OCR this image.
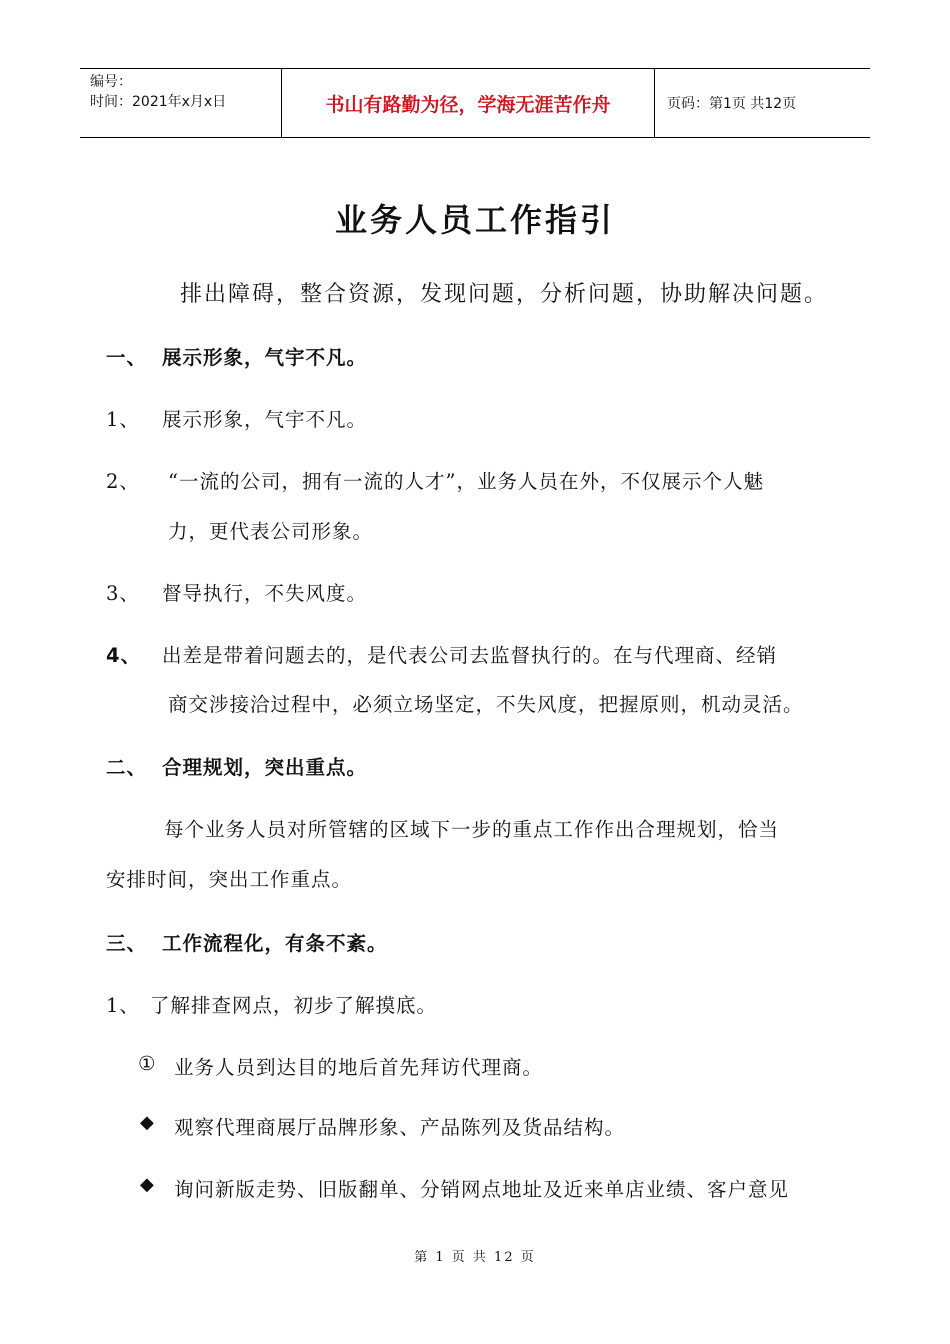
编号：
时间：2021年x月x日	书山有路勤为径，学海无涯苦作舟	页码：第1页 共12页
业务人员工作指引
排出障碍，整合资源，发现问题，分析问题，协助解决问题。
一、 展示形象，气宇不凡。
1、 展示形象，气宇不凡。
2、 “一流的公司，拥有一流的人才”，业务人员在外，不仅展示个人魅
力，更代表公司形象。
3、 督导执行，不失风度。
4、 出差是带着问题去的，是代表公司去监督执行的。在与代理商、经销
商交涉接洽过程中，必须立场坚定，不失风度，把握原则，机动灵活。
二、 合理规划，突出重点。
每个业务人员对所管辖的区域下一步的重点工作作出合理规划，恰当
安排时间，突出工作重点。
三、 工作流程化，有条不紊。
1、 了解排查网点，初步了解摸底。
① 业务人员到达目的地后首先拜访代理商。
◆ 观察代理商展厅品牌形象、产品陈列及货品结构。
◆ 询问新版走势、旧版翻单、分销网点地址及近来单店业绩、客户意见
第 1 页 共 12 页
